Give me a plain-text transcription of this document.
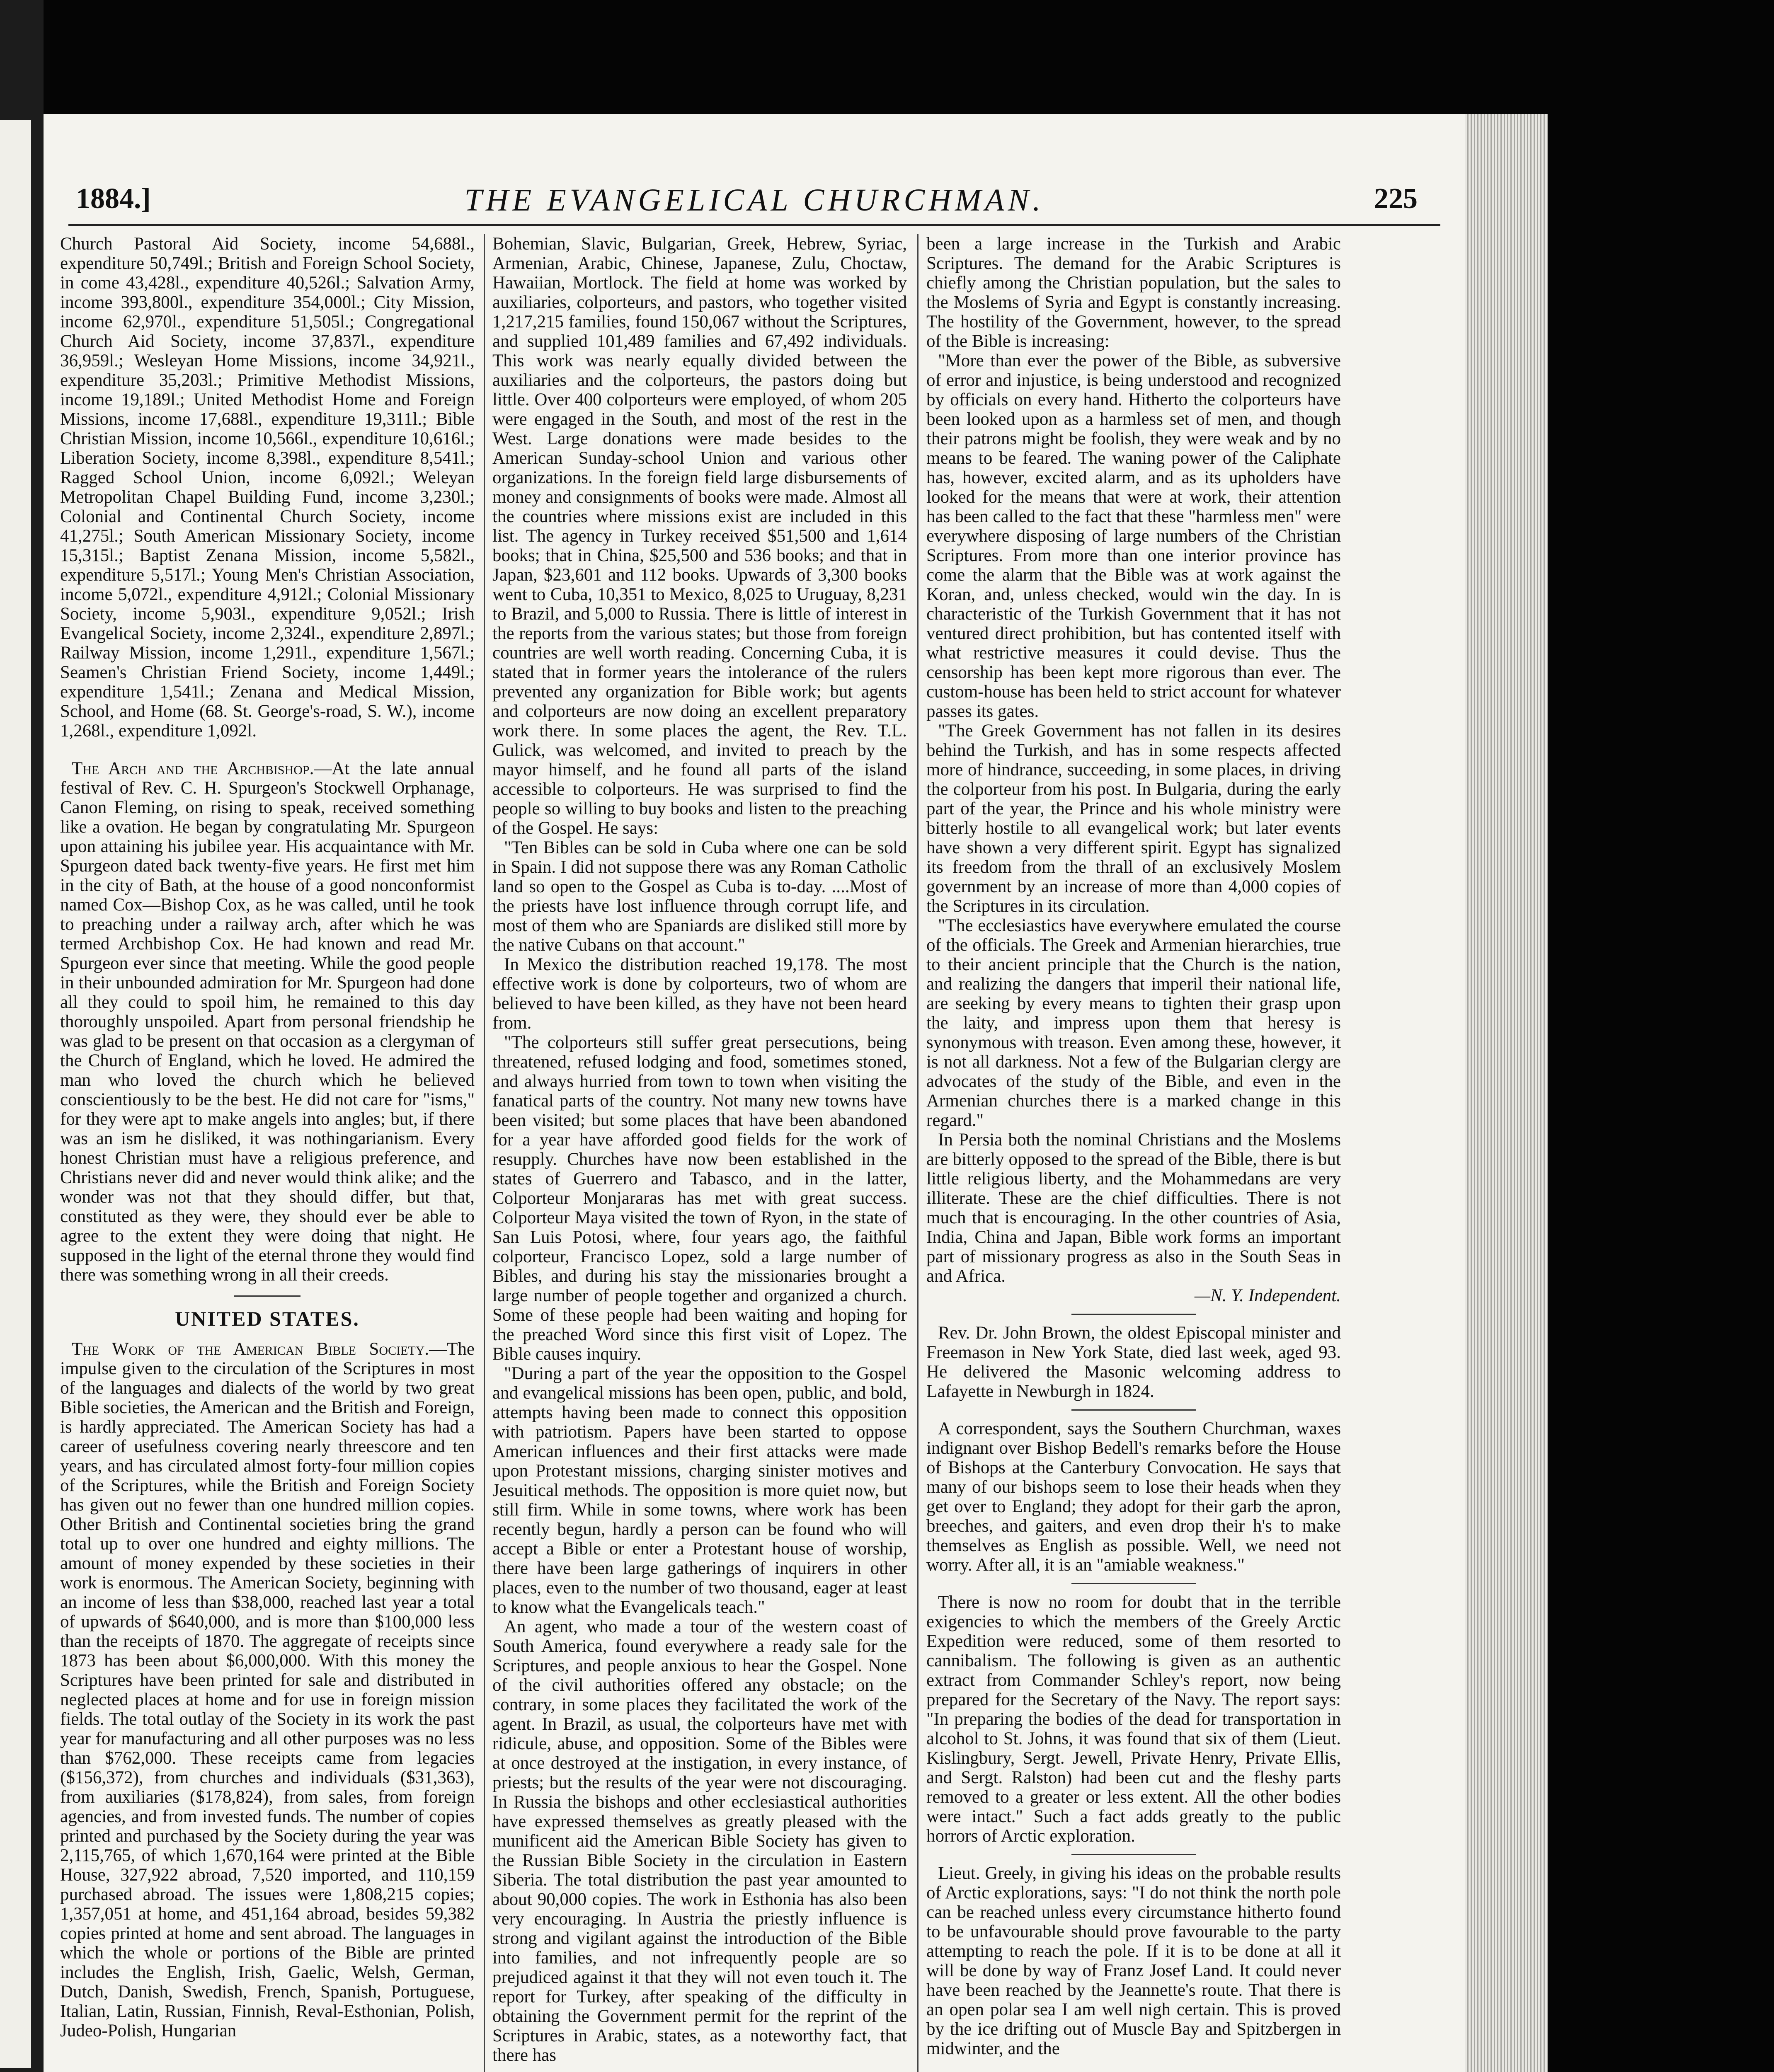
1884.]	THE EVANGELICAL CHURCHMAN.	225

Church Pastoral Aid Society, income 54,688l., expenditure 50,749l.; British and Foreign School Society, in come 43,428l., expenditure 40,526l.; Salvation Army, income 393,800l., expenditure 354,000l.; City Mission, income 62,970l., expenditure 51,505l.; Congregational Church Aid Society, income 37,837l., expenditure 36,959l.; Wesleyan Home Missions, income 34,921l., expenditure 35,203l.; Primitive Methodist Missions, income 19,189l.; United Methodist Home and Foreign Missions, income 17,688l., expenditure 19,311l.; Bible Christian Mission, income 10,566l., expenditure 10,616l.; Liberation Society, income 8,398l., expenditure 8,541l.; Ragged School Union, income 6,092l.; Weleyan Metropolitan Chapel Building Fund, income 3,230l.; Colonial and Continental Church Society, income 41,275l.; South American Missionary Society, income 15,315l.; Baptist Zenana Mission, income 5,582l., expenditure 5,517l.; Young Men's Christian Association, income 5,072l., expenditure 4,912l.; Colonial Missionary Society, income 5,903l., expenditure 9,052l.; Irish Evangelical Society, income 2,324l., expenditure 2,897l.; Railway Mission, income 1,291l., expenditure 1,567l.; Seamen's Christian Friend Society, income 1,449l.; expenditure 1,541l.; Zenana and Medical Mission, School, and Home (68. St. George's-road, S. W.), income 1,268l., expenditure 1,092l.

The Arch and the Archbishop.—At the late annual festival of Rev. C. H. Spurgeon's Stockwell Orphanage, Canon Fleming, on rising to speak, received something like a ovation. He began by congratulating Mr. Spurgeon upon attaining his jubilee year. His acquaintance with Mr. Spurgeon dated back twenty-five years. He first met him in the city of Bath, at the house of a good nonconformist named Cox—Bishop Cox, as he was called, until he took to preaching under a railway arch, after which he was termed Archbishop Cox. He had known and read Mr. Spurgeon ever since that meeting. While the good people in their unbounded admiration for Mr. Spurgeon had done all they could to spoil him, he remained to this day thoroughly unspoiled. Apart from personal friendship he was glad to be present on that occasion as a clergyman of the Church of England, which he loved. He admired the man who loved the church which he believed conscientiously to be the best. He did not care for "isms," for they were apt to make angels into angles; but, if there was an ism he disliked, it was nothingarianism. Every honest Christian must have a religious preference, and Christians never did and never would think alike; and the wonder was not that they should differ, but that, constituted as they were, they should ever be able to agree to the extent they were doing that night. He supposed in the light of the eternal throne they would find there was something wrong in all their creeds.

UNITED STATES.

The Work of the American Bible Society.—The impulse given to the circulation of the Scriptures in most of the languages and dialects of the world by two great Bible societies, the American and the British and Foreign, is hardly appreciated. The American Society has had a career of usefulness covering nearly threescore and ten years, and has circulated almost forty-four million copies of the Scriptures, while the British and Foreign Society has given out no fewer than one hundred million copies. Other British and Continental societies bring the grand total up to over one hundred and eighty millions. The amount of money expended by these societies in their work is enormous. The American Society, beginning with an income of less than $38,000, reached last year a total of upwards of $640,000, and is more than $100,000 less than the receipts of 1870. The aggregate of receipts since 1873 has been about $6,000,000. With this money the Scriptures have been printed for sale and distributed in neglected places at home and for use in foreign mission fields. The total outlay of the Society in its work the past year for manufacturing and all other purposes was no less than $762,000. These receipts came from legacies ($156,372), from churches and individuals ($31,363), from auxiliaries ($178,824), from sales, from foreign agencies, and from invested funds. The number of copies printed and purchased by the Society during the year was 2,115,765, of which 1,670,164 were printed at the Bible House, 327,922 abroad, 7,520 imported, and 110,159 purchased abroad. The issues were 1,808,215 copies; 1,357,051 at home, and 451,164 abroad, besides 59,382 copies printed at home and sent abroad. The languages in which the whole or portions of the Bible are printed includes the English, Irish, Gaelic, Welsh, German, Dutch, Danish, Swedish, French, Spanish, Portuguese, Italian, Latin, Russian, Finnish, Reval-Esthonian, Polish, Judeo-Polish, Hungarian

Bohemian, Slavic, Bulgarian, Greek, Hebrew, Syriac, Armenian, Arabic, Chinese, Japanese, Zulu, Choctaw, Hawaiian, Mortlock. The field at home was worked by auxiliaries, colporteurs, and pastors, who together visited 1,217,215 families, found 150,067 without the Scriptures, and supplied 101,489 families and 67,492 individuals. This work was nearly equally divided between the auxiliaries and the colporteurs, the pastors doing but little. Over 400 colporteurs were employed, of whom 205 were engaged in the South, and most of the rest in the West. Large donations were made besides to the American Sunday-school Union and various other organizations. In the foreign field large disbursements of money and consignments of books were made. Almost all the countries where missions exist are included in this list. The agency in Turkey received $51,500 and 1,614 books; that in China, $25,500 and 536 books; and that in Japan, $23,601 and 112 books. Upwards of 3,300 books went to Cuba, 10,351 to Mexico, 8,025 to Uruguay, 8,231 to Brazil, and 5,000 to Russia. There is little of interest in the reports from the various states; but those from foreign countries are well worth reading. Concerning Cuba, it is stated that in former years the intolerance of the rulers prevented any organization for Bible work; but agents and colporteurs are now doing an excellent preparatory work there. In some places the agent, the Rev. T.L. Gulick, was welcomed, and invited to preach by the mayor himself, and he found all parts of the island accessible to colporteurs. He was surprised to find the people so willing to buy books and listen to the preaching of the Gospel. He says:

"Ten Bibles can be sold in Cuba where one can be sold in Spain. I did not suppose there was any Roman Catholic land so open to the Gospel as Cuba is to-day. ....Most of the priests have lost influence through corrupt life, and most of them who are Spaniards are disliked still more by the native Cubans on that account."

In Mexico the distribution reached 19,178. The most effective work is done by colporteurs, two of whom are believed to have been killed, as they have not been heard from.

"The colporteurs still suffer great persecutions, being threatened, refused lodging and food, sometimes stoned, and always hurried from town to town when visiting the fanatical parts of the country. Not many new towns have been visited; but some places that have been abandoned for a year have afforded good fields for the work of resupply. Churches have now been established in the states of Guerrero and Tabasco, and in the latter, Colporteur Monjararas has met with great success. Colporteur Maya visited the town of Ryon, in the state of San Luis Potosi, where, four years ago, the faithful colporteur, Francisco Lopez, sold a large number of Bibles, and during his stay the missionaries brought a large number of people together and organized a church. Some of these people had been waiting and hoping for the preached Word since this first visit of Lopez. The Bible causes inquiry.

"During a part of the year the opposition to the Gospel and evangelical missions has been open, public, and bold, attempts having been made to connect this opposition with patriotism. Papers have been started to oppose American influences and their first attacks were made upon Protestant missions, charging sinister motives and Jesuitical methods. The opposition is more quiet now, but still firm. While in some towns, where work has been recently begun, hardly a person can be found who will accept a Bible or enter a Protestant house of worship, there have been large gatherings of inquirers in other places, even to the number of two thousand, eager at least to know what the Evangelicals teach."

An agent, who made a tour of the western coast of South America, found everywhere a ready sale for the Scriptures, and people anxious to hear the Gospel. None of the civil authorities offered any obstacle; on the contrary, in some places they facilitated the work of the agent. In Brazil, as usual, the colporteurs have met with ridicule, abuse, and opposition. Some of the Bibles were at once destroyed at the instigation, in every instance, of priests; but the results of the year were not discouraging. In Russia the bishops and other ecclesiastical authorities have expressed themselves as greatly pleased with the munificent aid the American Bible Society has given to the Russian Bible Society in the circulation in Eastern Siberia. The total distribution the past year amounted to about 90,000 copies. The work in Esthonia has also been very encouraging. In Austria the priestly influence is strong and vigilant against the introduction of the Bible into families, and not infrequently people are so prejudiced against it that they will not even touch it. The report for Turkey, after speaking of the difficulty in obtaining the Government permit for the reprint of the Scriptures in Arabic, states, as a noteworthy fact, that there has

been a large increase in the Turkish and Arabic Scriptures. The demand for the Arabic Scriptures is chiefly among the Christian population, but the sales to the Moslems of Syria and Egypt is constantly increasing. The hostility of the Government, however, to the spread of the Bible is increasing:

"More than ever the power of the Bible, as subversive of error and injustice, is being understood and recognized by officials on every hand. Hitherto the colporteurs have been looked upon as a harmless set of men, and though their patrons might be foolish, they were weak and by no means to be feared. The waning power of the Caliphate has, however, excited alarm, and as its upholders have looked for the means that were at work, their attention has been called to the fact that these "harmless men" were everywhere disposing of large numbers of the Christian Scriptures. From more than one interior province has come the alarm that the Bible was at work against the Koran, and, unless checked, would win the day. In is characteristic of the Turkish Government that it has not ventured direct prohibition, but has contented itself with what restrictive measures it could devise. Thus the censorship has been kept more rigorous than ever. The custom-house has been held to strict account for whatever passes its gates.

"The Greek Government has not fallen in its desires behind the Turkish, and has in some respects affected more of hindrance, succeeding, in some places, in driving the colporteur from his post. In Bulgaria, during the early part of the year, the Prince and his whole ministry were bitterly hostile to all evangelical work; but later events have shown a very different spirit. Egypt has signalized its freedom from the thrall of an exclusively Moslem government by an increase of more than 4,000 copies of the Scriptures in its circulation.

"The ecclesiastics have everywhere emulated the course of the officials. The Greek and Armenian hierarchies, true to their ancient principle that the Church is the nation, and realizing the dangers that imperil their national life, are seeking by every means to tighten their grasp upon the laity, and impress upon them that heresy is synonymous with treason. Even among these, however, it is not all darkness. Not a few of the Bulgarian clergy are advocates of the study of the Bible, and even in the Armenian churches there is a marked change in this regard."

In Persia both the nominal Christians and the Moslems are bitterly opposed to the spread of the Bible, there is but little religious liberty, and the Mohammedans are very illiterate. These are the chief difficulties. There is not much that is encouraging. In the other countries of Asia, India, China and Japan, Bible work forms an important part of missionary progress as also in the South Seas in and Africa.
—N. Y. Independent.

Rev. Dr. John Brown, the oldest Episcopal minister and Freemason in New York State, died last week, aged 93. He delivered the Masonic welcoming address to Lafayette in Newburgh in 1824.

A correspondent, says the Southern Churchman, waxes indignant over Bishop Bedell's remarks before the House of Bishops at the Canterbury Convocation. He says that many of our bishops seem to lose their heads when they get over to England; they adopt for their garb the apron, breeches, and gaiters, and even drop their h's to make themselves as English as possible. Well, we need not worry. After all, it is an "amiable weakness."

There is now no room for doubt that in the terrible exigencies to which the members of the Greely Arctic Expedition were reduced, some of them resorted to cannibalism. The following is given as an authentic extract from Commander Schley's report, now being prepared for the Secretary of the Navy. The report says: "In preparing the bodies of the dead for transportation in alcohol to St. Johns, it was found that six of them (Lieut. Kislingbury, Sergt. Jewell, Private Henry, Private Ellis, and Sergt. Ralston) had been cut and the fleshy parts removed to a greater or less extent. All the other bodies were intact." Such a fact adds greatly to the public horrors of Arctic exploration.

Lieut. Greely, in giving his ideas on the probable results of Arctic explorations, says: "I do not think the north pole can be reached unless every circumstance hitherto found to be unfavourable should prove favourable to the party attempting to reach the pole. If it is to be done at all it will be done by way of Franz Josef Land. It could never have been reached by the Jeannette's route. That there is an open polar sea I am well nigh certain. This is proved by the ice drifting out of Muscle Bay and Spitzbergen in midwinter, and the
